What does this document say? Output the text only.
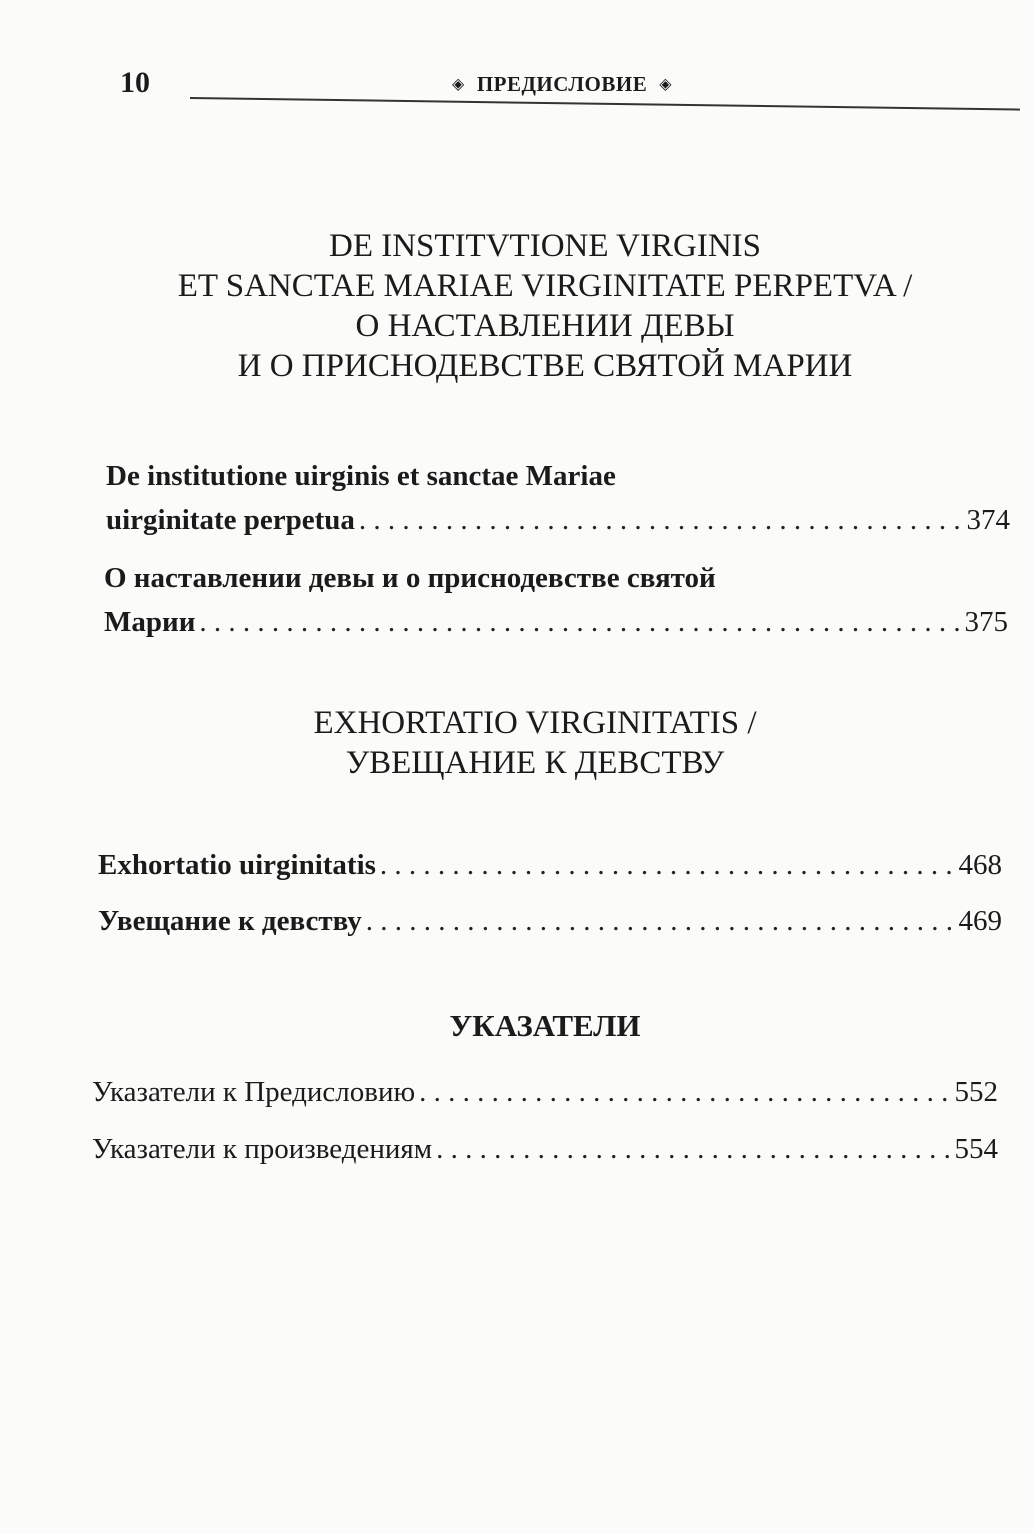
10	◈ ПРЕДИСЛОВИЕ ◈
DE INSTITVTIONE VIRGINIS
ET SANCTAE MARIAE VIRGINITATE PERPETVA /
О НАСТАВЛЕНИИ ДЕВЫ
И О ПРИСНОДЕВСТВЕ СВЯТОЙ МАРИИ
De institutione uirginis et sanctae Mariae
uirginitate perpetua . . .	374
О наставлении девы и о приснодевстве святой
Марии . . .	375
EXHORTATIO VIRGINITATIS /
УВЕЩАНИЕ К ДЕВСТВУ
Exhortatio uirginitatis . . .	468
Увещание к девству . . .	469
УКАЗАТЕЛИ
Указатели к Предисловию . . .	552
Указатели к произведениям . . .	554
